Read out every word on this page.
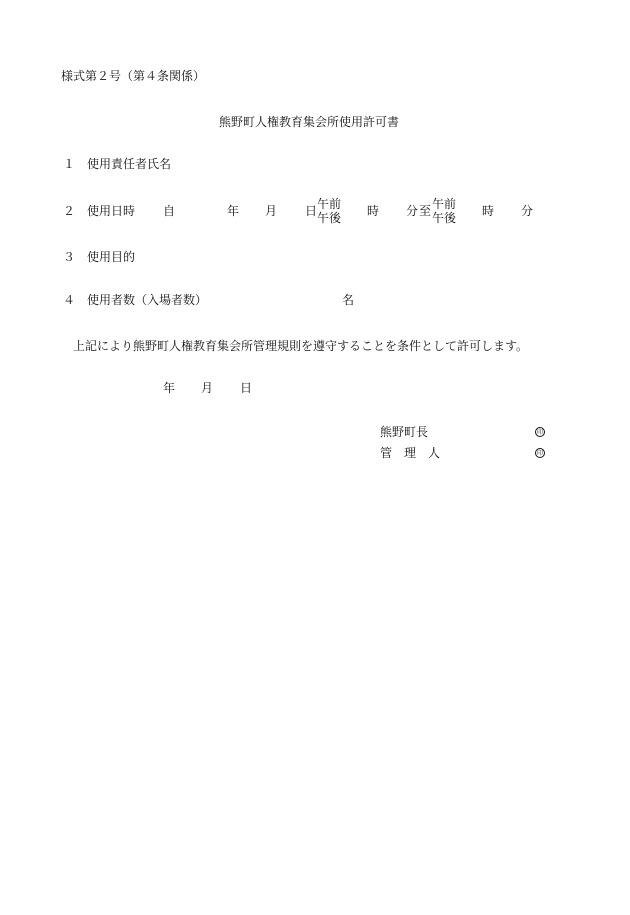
様式第２号（第４条関係）
熊野町人権教育集会所使用許可書
１ 使用責任者氏名
２ 使用日時 自	年 月 日 午前
午後 時 分 至 午前
午後 時 分
３ 使用目的
４ 使用者数（入場者数）	名
上記により熊野町人権教育集会所管理規則を遵守することを条件として許可します。
年 月 日
熊野町長	印
管　理　人	印
